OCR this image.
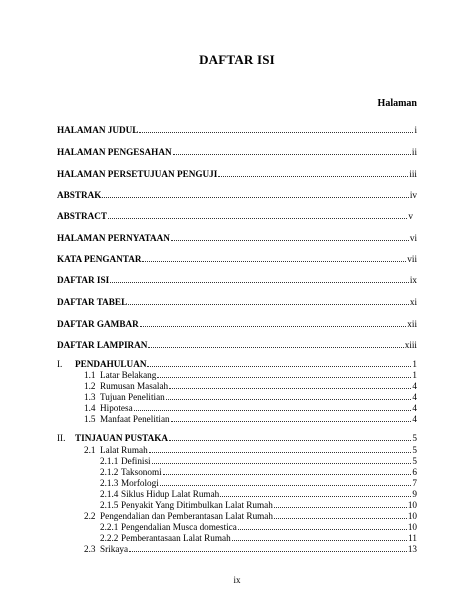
DAFTAR ISI
Halaman
HALAMAN JUDUL	i
HALAMAN PENGESAHAN	ii
HALAMAN PERSETUJUAN PENGUJI	iii
ABSTRAK	iv
ABSTRACT	v
HALAMAN PERNYATAAN	vi
KATA PENGANTAR	vii
DAFTAR ISI	ix
DAFTAR TABEL	xi
DAFTAR GAMBAR	xii
DAFTAR LAMPIRAN	xiii
I.	PENDAHULUAN	1
1.1 Latar Belakang	1
1.2 Rumusan Masalah	4
1.3 Tujuan Penelitian	4
1.4 Hipotesa	4
1.5 Manfaat Penelitian	4
II.	TINJAUAN PUSTAKA	5
2.1 Lalat Rumah	5
2.1.1 Definisi	5
2.1.2 Taksonomi	6
2.1.3 Morfologi	7
2.1.4 Siklus Hidup Lalat Rumah	9
2.1.5 Penyakit Yang Ditimbulkan Lalat Rumah	10
2.2 Pengendalian dan Pemberantasan Lalat Rumah	10
2.2.1 Pengendalian Musca domestica	10
2.2.2 Pemberantasaan Lalat Rumah	11
2.3 Srikaya	13
ix
